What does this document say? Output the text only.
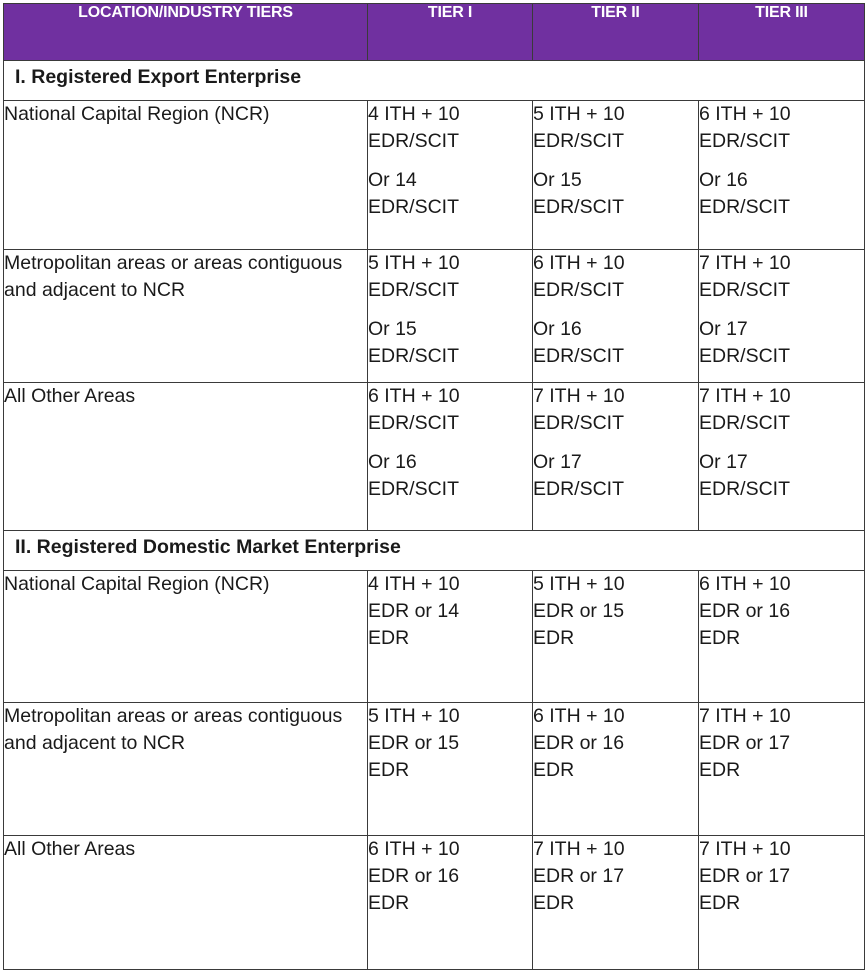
LOCATION/INDUSTRY TIERS	TIER I	TIER II	TIER III
I. Registered Export Enterprise			
National Capital Region (NCR)	4 ITH + 10
EDR/SCIT
Or 14
EDR/SCIT	5 ITH + 10
EDR/SCIT
Or 15
EDR/SCIT	6 ITH + 10
EDR/SCIT
Or 16
EDR/SCIT

Metropolitan areas or areas contiguous and adjacent to NCR	5 ITH + 10
EDR/SCIT
Or 15
EDR/SCIT	6 ITH + 10
EDR/SCIT
Or 16
EDR/SCIT	7 ITH + 10
EDR/SCIT
Or 17
EDR/SCIT

All Other Areas	6 ITH + 10
EDR/SCIT
Or 16
EDR/SCIT	7 ITH + 10
EDR/SCIT
Or 17
EDR/SCIT	7 ITH + 10
EDR/SCIT
Or 17
EDR/SCIT

II. Registered Domestic Market Enterprise			
National Capital Region (NCR)	4 ITH + 10
EDR or 14
EDR	5 ITH + 10
EDR or 15
EDR	6 ITH + 10
EDR or 16
EDR

Metropolitan areas or areas contiguous and adjacent to NCR	5 ITH + 10
EDR or 15
EDR	6 ITH + 10
EDR or 16
EDR	7 ITH + 10
EDR or 17
EDR

All Other Areas	6 ITH + 10
EDR or 16
EDR	7 ITH + 10
EDR or 17
EDR	7 ITH + 10
EDR or 17
EDR
